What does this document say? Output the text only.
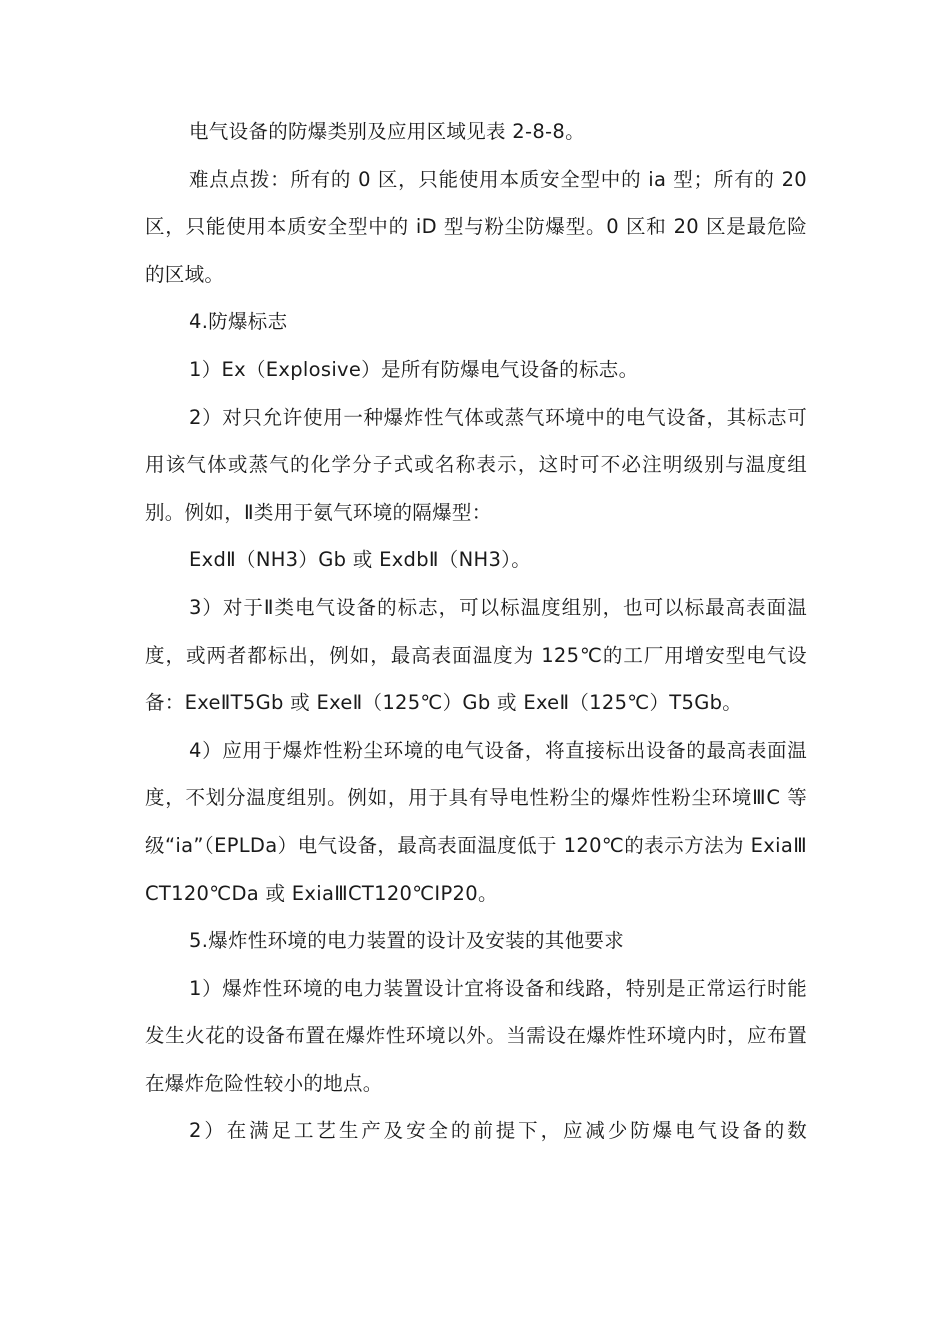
电气设备的防爆类别及应用区域见表 2-8-8。

难点点拨：所有的 0 区，只能使用本质安全型中的 ia 型；所有的 20 区，只能使用本质安全型中的 iD 型与粉尘防爆型。0 区和 20 区是最危险的区域。

4.防爆标志

1）Ex（Explosive）是所有防爆电气设备的标志。

2）对只允许使用一种爆炸性气体或蒸气环境中的电气设备，其标志可用该气体或蒸气的化学分子式或名称表示，这时可不必注明级别与温度组别。例如，Ⅱ类用于氨气环境的隔爆型：

ExdⅡ（NH3）Gb 或 ExdbⅡ（NH3）。

3）对于Ⅱ类电气设备的标志，可以标温度组别，也可以标最高表面温度，或两者都标出，例如，最高表面温度为 125℃的工厂用增安型电气设备：ExeⅡT5Gb 或 ExeⅡ（125℃）Gb 或 ExeⅡ（125℃）T5Gb。

4）应用于爆炸性粉尘环境的电气设备，将直接标出设备的最高表面温度，不划分温度组别。例如，用于具有导电性粉尘的爆炸性粉尘环境ⅢC 等级“ia”（EPLDa）电气设备，最高表面温度低于 120℃的表示方法为 ExiaⅢCT120℃Da 或 ExiaⅢCT120℃IP20。

5.爆炸性环境的电力装置的设计及安装的其他要求

1）爆炸性环境的电力装置设计宜将设备和线路，特别是正常运行时能发生火花的设备布置在爆炸性环境以外。当需设在爆炸性环境内时，应布置在爆炸危险性较小的地点。

2）在满足工艺生产及安全的前提下，应减少防爆电气设备的数
